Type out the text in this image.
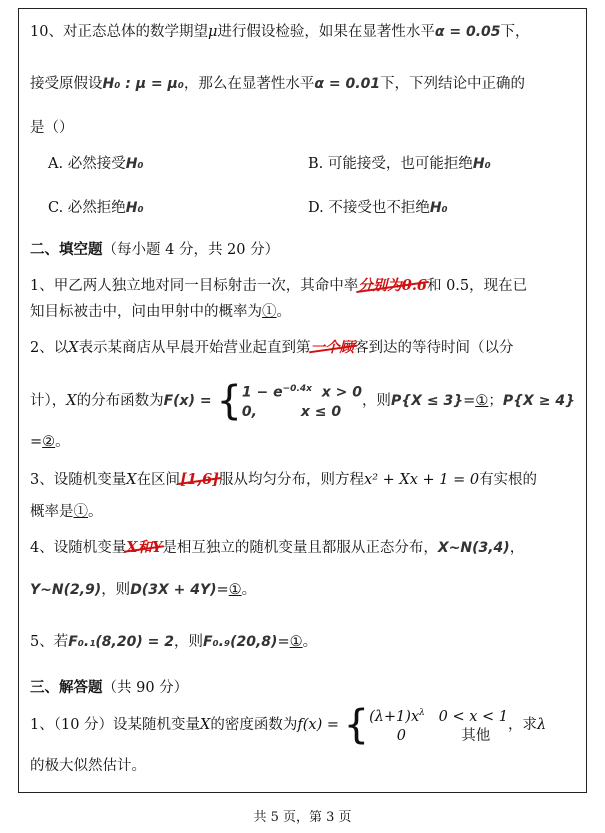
10、对正态总体的数学期望μ进行假设检验，如果在显著性水平α = 0.05下，
接受原假设H₀ : μ = μ₀，那么在显著性水平α = 0.01下，下列结论中正确的
是（）
A. 必然接受H₀	B. 可能接受，也可能拒绝H₀
C. 必然拒绝H₀	D. 不接受也不拒绝H₀
二、填空题（每小题 4 分，共 20 分）
1、甲乙两人独立地对同一目标射击一次，其命中率分别为0.6和 0.5，现在已
知目标被击中，问由甲射中的概率为①。
2、以X表示某商店从早晨开始营业起直到第一个顾客到达的等待时间（以分
计），X的分布函数为$F(x) = \{1 - e^{-0.4x}$ x > 0
0,	x ≤ 0，则P{X ≤ 3}=①；P{X ≥ 4}
=②。
3、设随机变量X在区间[1,6]服从均匀分布，则方程x² + Xx + 1 = 0有实根的
概率是①。
4、设随机变量X和Y是相互独立的随机变量且都服从正态分布，X~N(3,4)，
Y~N(2,9)，则D(3X + 4Y)=①。
5、若F₀.₁(8,20) = 2，则F₀.₉(20,8)=①。
三、解答题（共 90 分）
1、（10 分）设某随机变量X的密度函数为$f(x) = \{(\lambda+1)x^\lambda$ 0 < x < 1
0	其他，求λ
的极大似然估计。
共 5 页，第 3 页
